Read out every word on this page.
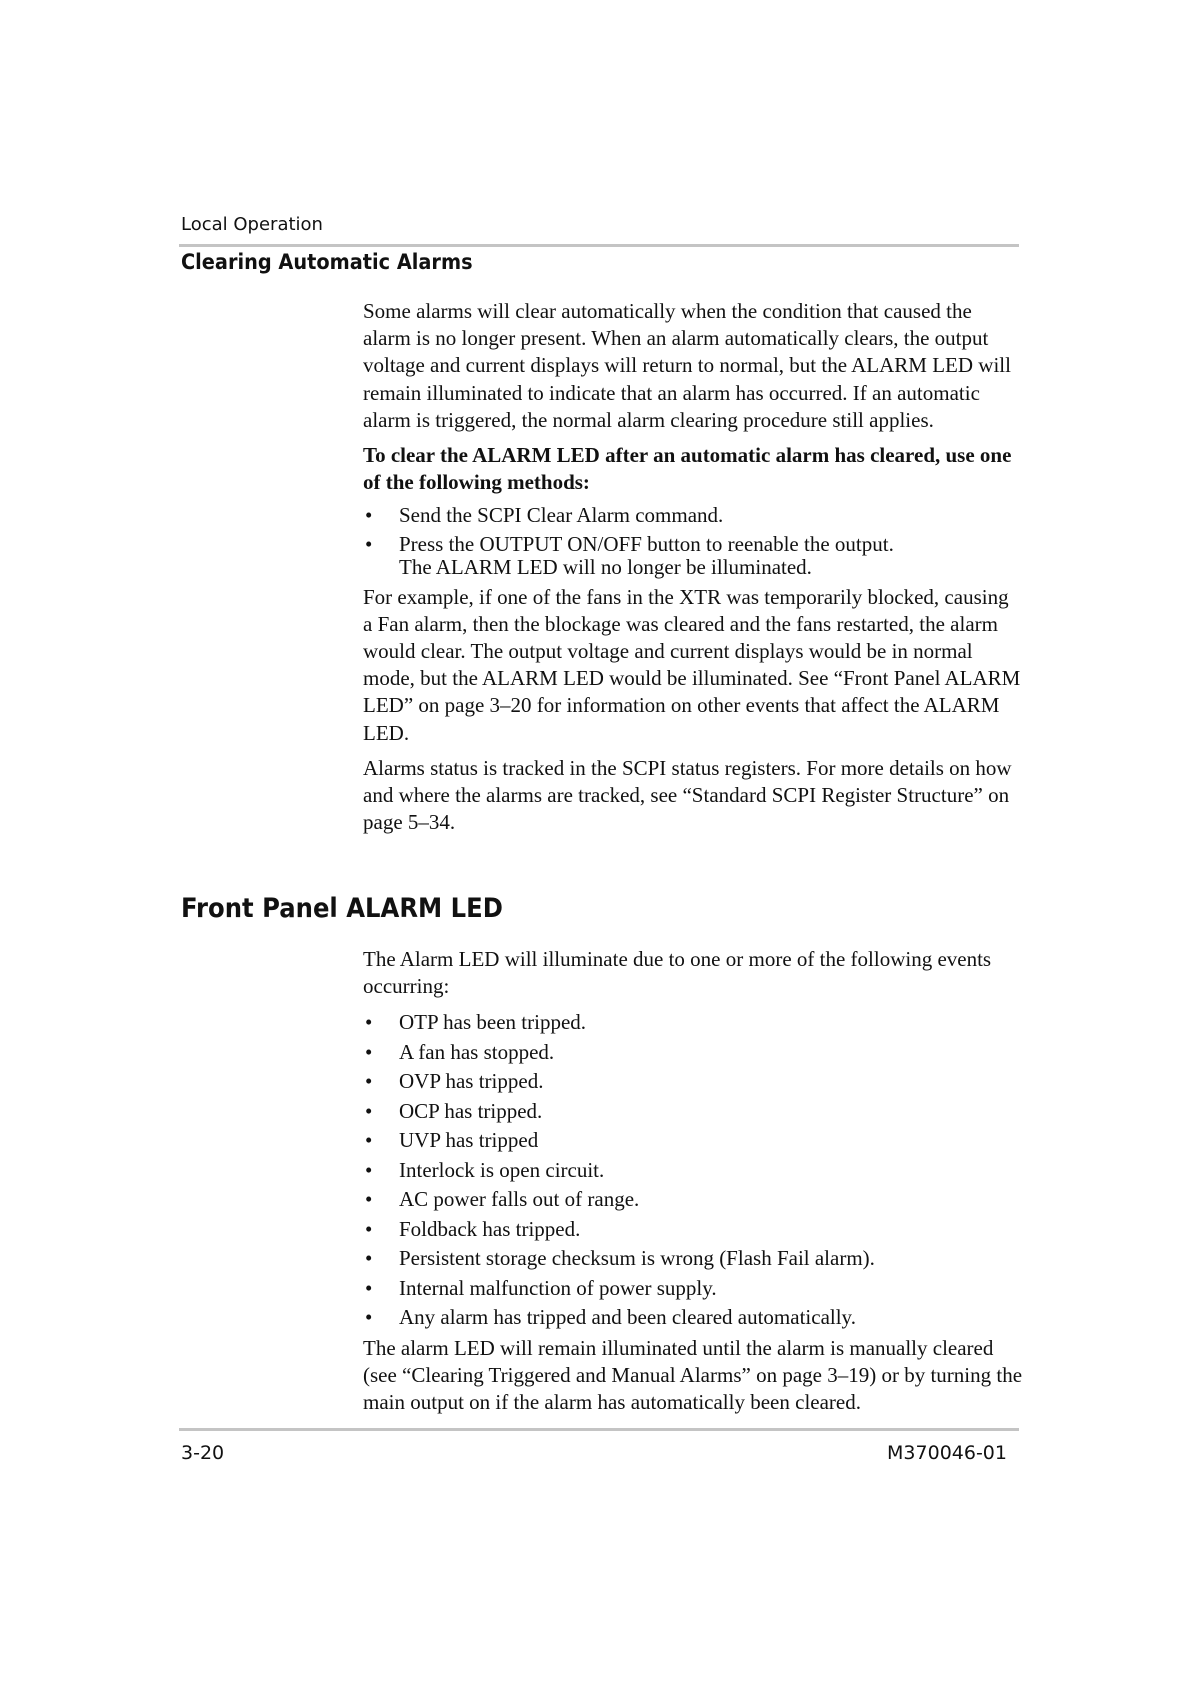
Local Operation
Clearing Automatic Alarms

Some alarms will clear automatically when the condition that caused the alarm is no longer present. When an alarm automatically clears, the output voltage and current displays will return to normal, but the ALARM LED will remain illuminated to indicate that an alarm has occurred. If an automatic alarm is triggered, the normal alarm clearing procedure still applies.

To clear the ALARM LED after an automatic alarm has cleared, use one of the following methods:

• Send the SCPI Clear Alarm command.
• Press the OUTPUT ON/OFF button to reenable the output.
The ALARM LED will no longer be illuminated.

For example, if one of the fans in the XTR was temporarily blocked, causing a Fan alarm, then the blockage was cleared and the fans restarted, the alarm would clear. The output voltage and current displays would be in normal mode, but the ALARM LED would be illuminated. See “Front Panel ALARM LED” on page 3–20 for information on other events that affect the ALARM LED.

Alarms status is tracked in the SCPI status registers. For more details on how and where the alarms are tracked, see “Standard SCPI Register Structure” on page 5–34.

Front Panel ALARM LED

The Alarm LED will illuminate due to one or more of the following events occurring:

• OTP has been tripped.
• A fan has stopped.
• OVP has tripped.
• OCP has tripped.
• UVP has tripped
• Interlock is open circuit.
• AC power falls out of range.
• Foldback has tripped.
• Persistent storage checksum is wrong (Flash Fail alarm).
• Internal malfunction of power supply.
• Any alarm has tripped and been cleared automatically.

The alarm LED will remain illuminated until the alarm is manually cleared (see “Clearing Triggered and Manual Alarms” on page 3–19) or by turning the main output on if the alarm has automatically been cleared.

3-20	M370046-01
